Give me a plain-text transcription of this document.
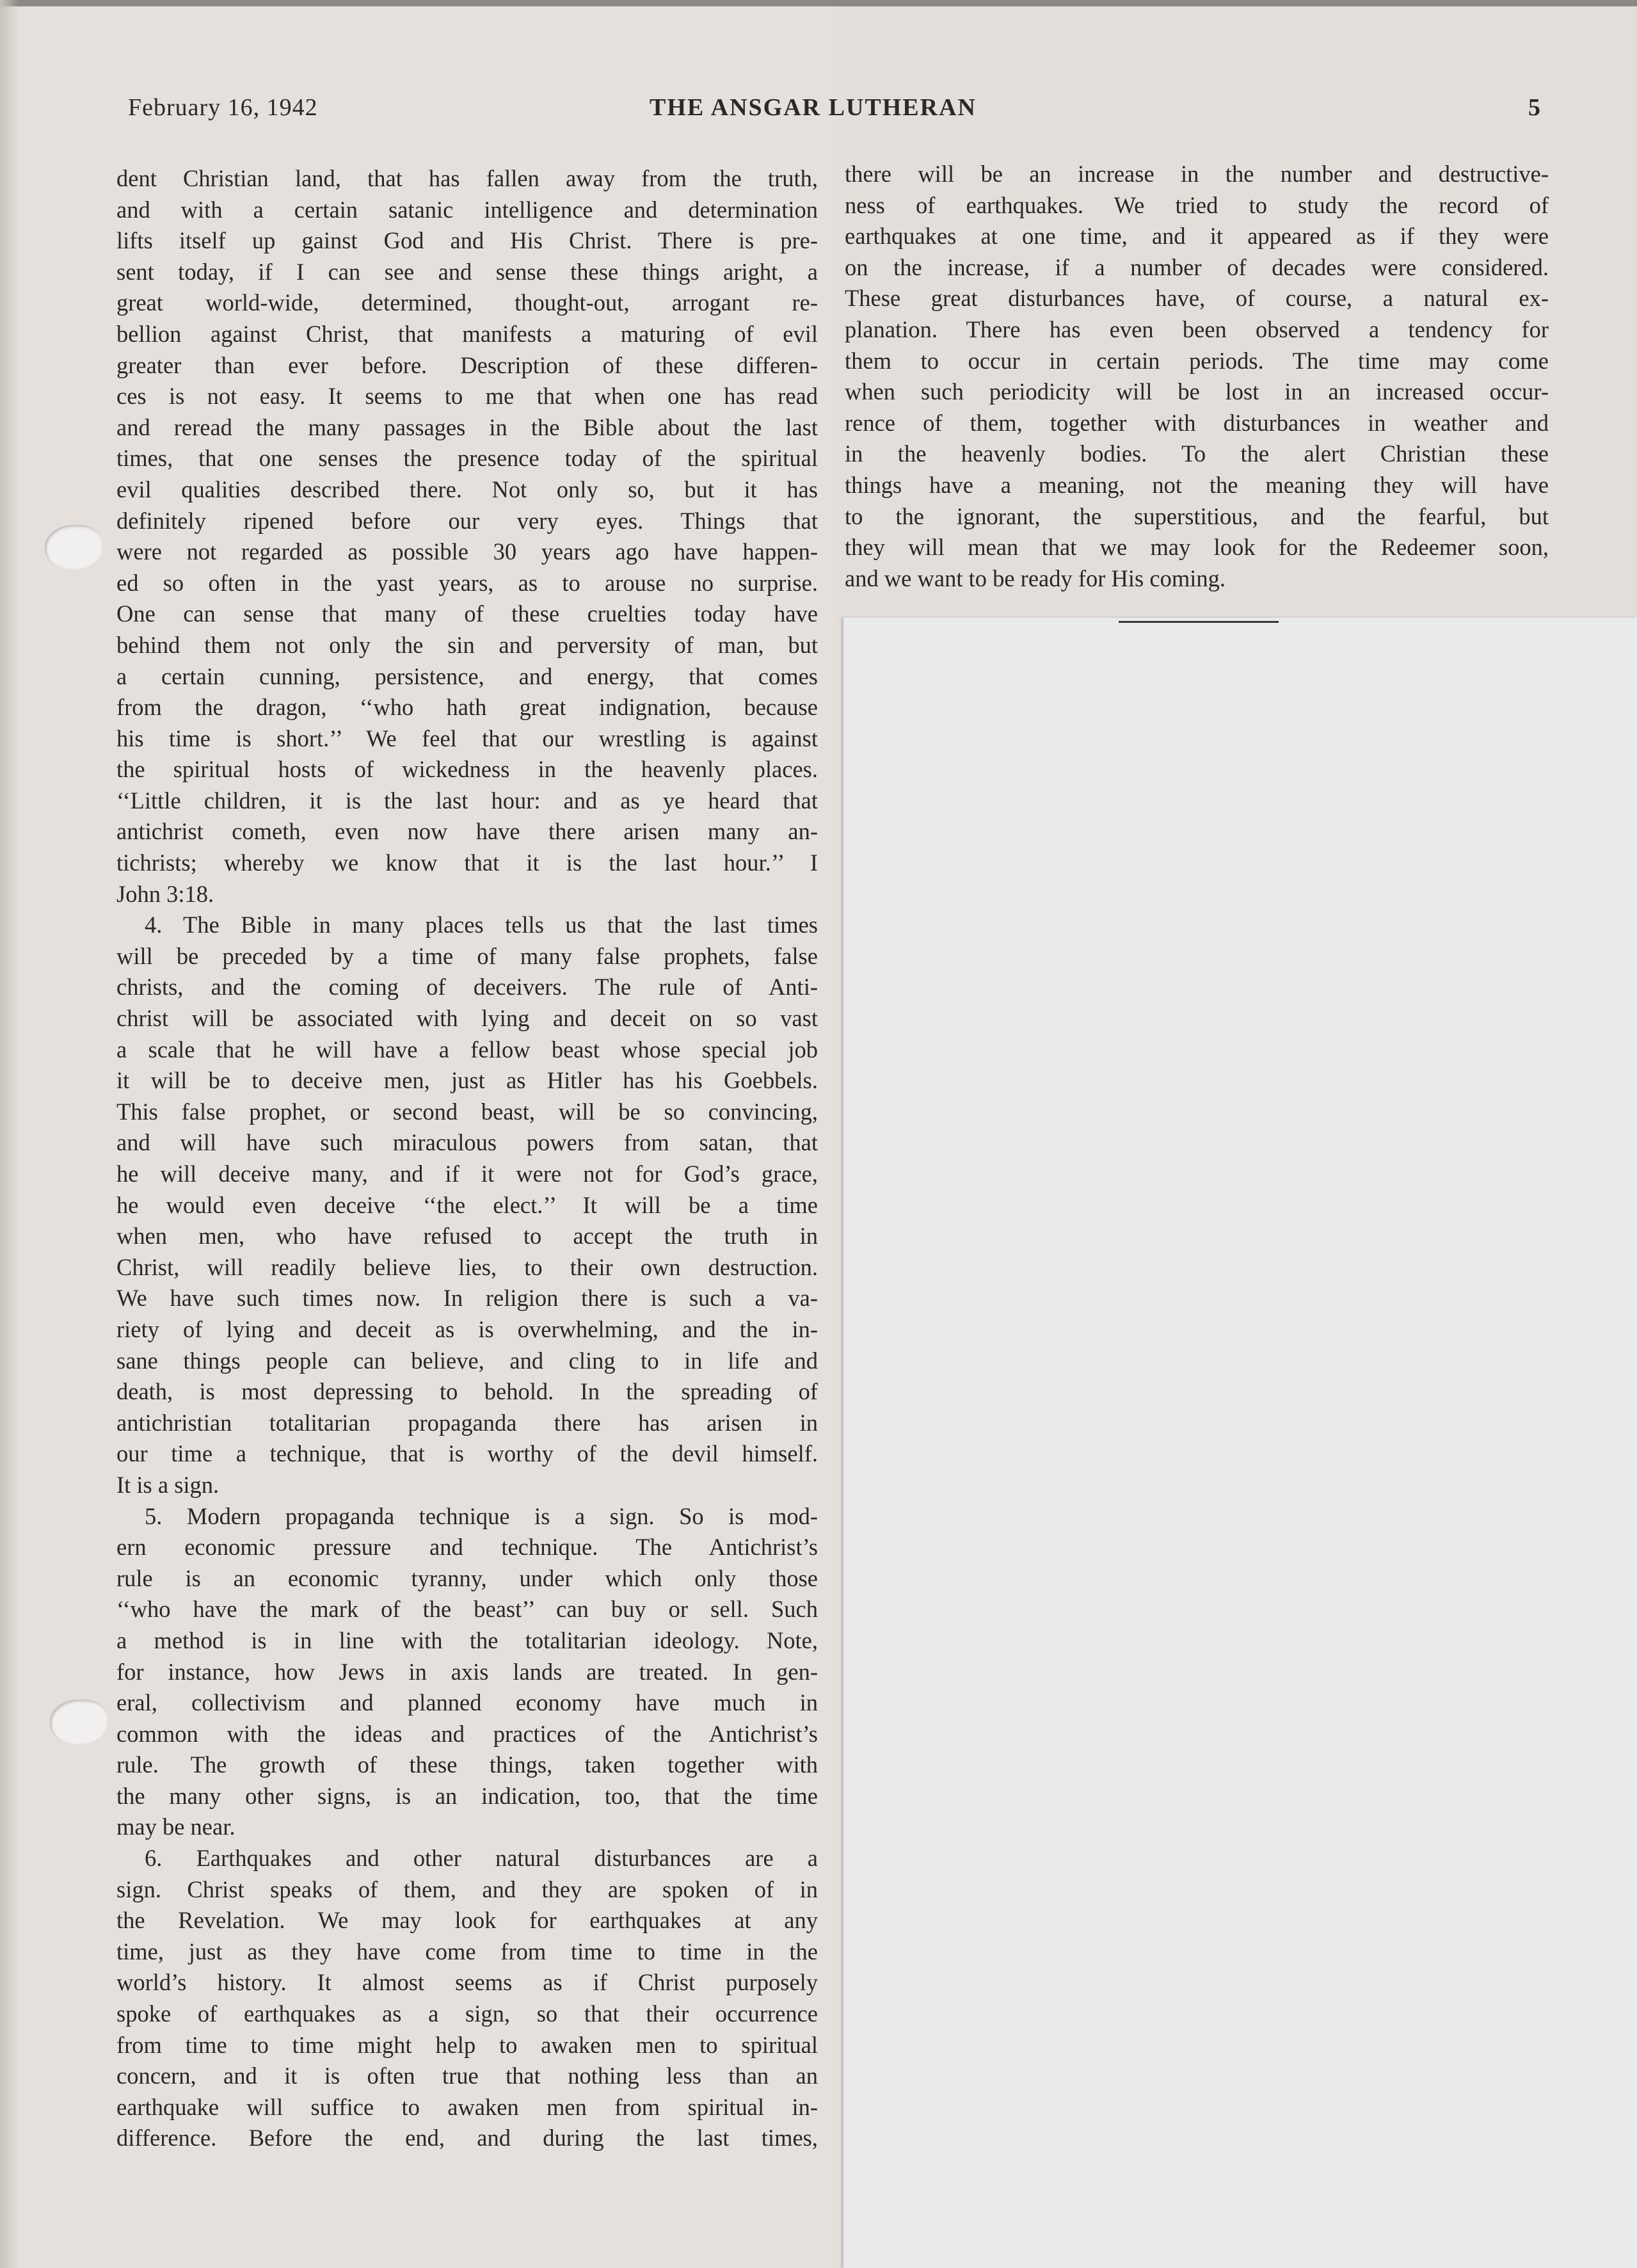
February 16, 1942	THE ANSGAR LUTHERAN	5
dent Christian land, that has fallen away from the truth,
and with a certain satanic intelligence and determination
lifts itself up gainst God and His Christ. There is pre-
sent today, if I can see and sense these things aright, a
great world-wide, determined, thought-out, arrogant re-
bellion against Christ, that manifests a maturing of evil
greater than ever before. Description of these differen-
ces is not easy. It seems to me that when one has read
and reread the many passages in the Bible about the last
times, that one senses the presence today of the spiritual
evil qualities described there. Not only so, but it has
definitely ripened before our very eyes. Things that
were not regarded as possible 30 years ago have happen-
ed so often in the yast years, as to arouse no surprise.
One can sense that many of these cruelties today have
behind them not only the sin and perversity of man, but
a certain cunning, persistence, and energy, that comes
from the dragon, ‘‘who hath great indignation, because
his time is short.’’ We feel that our wrestling is against
the spiritual hosts of wickedness in the heavenly places.
‘‘Little children, it is the last hour: and as ye heard that
antichrist cometh, even now have there arisen many an-
tichrists; whereby we know that it is the last hour.’’ I
John 3:18.
4. The Bible in many places tells us that the last times
will be preceded by a time of many false prophets, false
christs, and the coming of deceivers. The rule of Anti-
christ will be associated with lying and deceit on so vast
a scale that he will have a fellow beast whose special job
it will be to deceive men, just as Hitler has his Goebbels.
This false prophet, or second beast, will be so convincing,
and will have such miraculous powers from satan, that
he will deceive many, and if it were not for God’s grace,
he would even deceive ‘‘the elect.’’ It will be a time
when men, who have refused to accept the truth in
Christ, will readily believe lies, to their own destruction.
We have such times now. In religion there is such a va-
riety of lying and deceit as is overwhelming, and the in-
sane things people can believe, and cling to in life and
death, is most depressing to behold. In the spreading of
antichristian totalitarian propaganda there has arisen in
our time a technique, that is worthy of the devil himself.
It is a sign.
5. Modern propaganda technique is a sign. So is mod-
ern economic pressure and technique. The Antichrist’s
rule is an economic tyranny, under which only those
‘‘who have the mark of the beast’’ can buy or sell. Such
a method is in line with the totalitarian ideology. Note,
for instance, how Jews in axis lands are treated. In gen-
eral, collectivism and planned economy have much in
common with the ideas and practices of the Antichrist’s
rule. The growth of these things, taken together with
the many other signs, is an indication, too, that the time
may be near.
6. Earthquakes and other natural disturbances are a
sign. Christ speaks of them, and they are spoken of in
the Revelation. We may look for earthquakes at any
time, just as they have come from time to time in the
world’s history. It almost seems as if Christ purposely
spoke of earthquakes as a sign, so that their occurrence
from time to time might help to awaken men to spiritual
concern, and it is often true that nothing less than an
earthquake will suffice to awaken men from spiritual in-
difference. Before the end, and during the last times,
there will be an increase in the number and destructive-
ness of earthquakes. We tried to study the record of
earthquakes at one time, and it appeared as if they were
on the increase, if a number of decades were considered.
These great disturbances have, of course, a natural ex-
planation. There has even been observed a tendency for
them to occur in certain periods. The time may come
when such periodicity will be lost in an increased occur-
rence of them, together with disturbances in weather and
in the heavenly bodies. To the alert Christian these
things have a meaning, not the meaning they will have
to the ignorant, the superstitious, and the fearful, but
they will mean that we may look for the Redeemer soon,
and we want to be ready for His coming.
